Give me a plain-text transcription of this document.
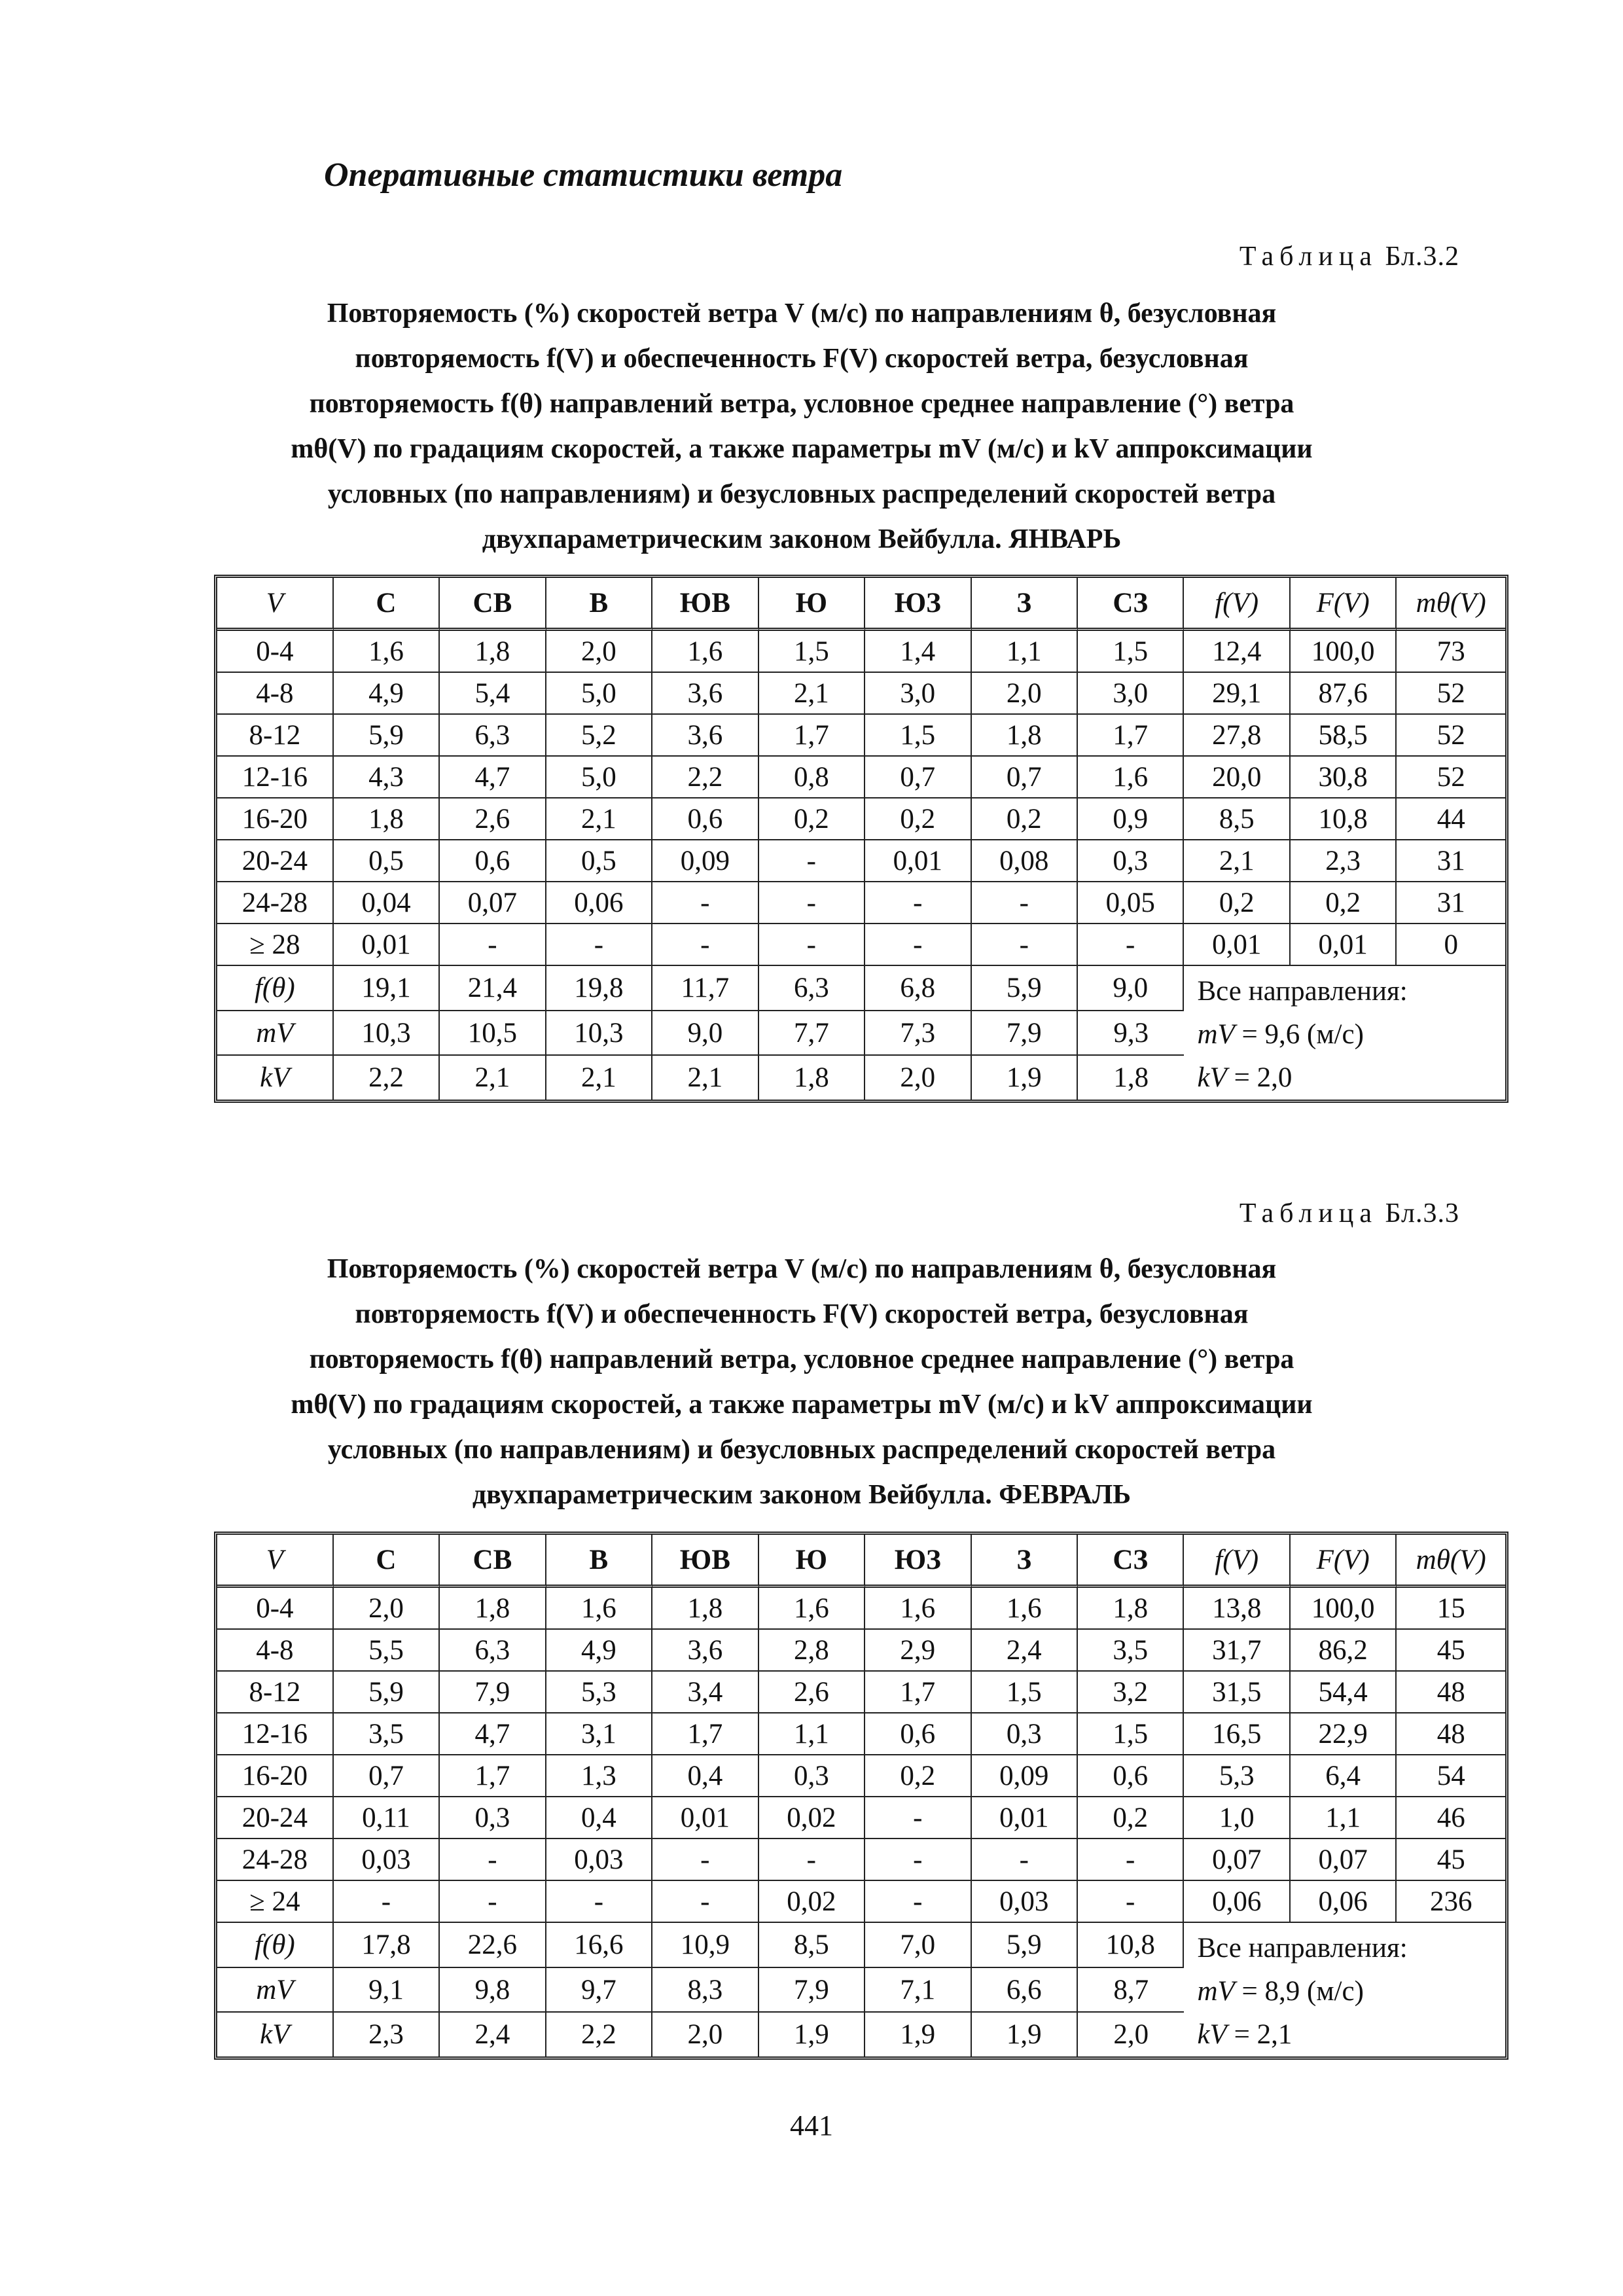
Оперативные статистики ветра
Таблица Бл.3.2
Повторяемость (%) скоростей ветра V (м/с) по направлениям θ, безусловная
повторяемость f(V) и обеспеченность F(V) скоростей ветра, безусловная
повторяемость f(θ) направлений ветра, условное среднее направление (°) ветра
mθ(V) по градациям скоростей, а также параметры mV (м/с) и kV аппроксимации
условных (по направлениям) и безусловных распределений скоростей ветра
двухпараметрическим законом Вейбулла. ЯНВАРЬ
V	С	СВ	В	ЮВ	Ю	ЮЗ	З	СЗ	f(V)	F(V)	mθ(V)
0-4	1,6	1,8	2,0	1,6	1,5	1,4	1,1	1,5	12,4	100,0	73
4-8	4,9	5,4	5,0	3,6	2,1	3,0	2,0	3,0	29,1	87,6	52
8-12	5,9	6,3	5,2	3,6	1,7	1,5	1,8	1,7	27,8	58,5	52
12-16	4,3	4,7	5,0	2,2	0,8	0,7	0,7	1,6	20,0	30,8	52
16-20	1,8	2,6	2,1	0,6	0,2	0,2	0,2	0,9	8,5	10,8	44
20-24	0,5	0,6	0,5	0,09	-	0,01	0,08	0,3	2,1	2,3	31
24-28	0,04	0,07	0,06	-	-	-	-	0,05	0,2	0,2	31
≥ 28	0,01	-	-	-	-	-	-	-	0,01	0,01	0
f(θ)	19,1	21,4	19,8	11,7	6,3	6,8	5,9	9,0	Все направления:
mV = 9,6 (м/с)
kV = 2,0		

mV	10,3	10,5	10,3	9,0	7,7	7,3	7,9	9,3			
kV	2,2	2,1	2,1	2,1	1,8	2,0	1,9	1,8			
Таблица Бл.3.3
Повторяемость (%) скоростей ветра V (м/с) по направлениям θ, безусловная
повторяемость f(V) и обеспеченность F(V) скоростей ветра, безусловная
повторяемость f(θ) направлений ветра, условное среднее направление (°) ветра
mθ(V) по градациям скоростей, а также параметры mV (м/с) и kV аппроксимации
условных (по направлениям) и безусловных распределений скоростей ветра
двухпараметрическим законом Вейбулла. ФЕВРАЛЬ
V	С	СВ	В	ЮВ	Ю	ЮЗ	З	СЗ	f(V)	F(V)	mθ(V)
0-4	2,0	1,8	1,6	1,8	1,6	1,6	1,6	1,8	13,8	100,0	15
4-8	5,5	6,3	4,9	3,6	2,8	2,9	2,4	3,5	31,7	86,2	45
8-12	5,9	7,9	5,3	3,4	2,6	1,7	1,5	3,2	31,5	54,4	48
12-16	3,5	4,7	3,1	1,7	1,1	0,6	0,3	1,5	16,5	22,9	48
16-20	0,7	1,7	1,3	0,4	0,3	0,2	0,09	0,6	5,3	6,4	54
20-24	0,11	0,3	0,4	0,01	0,02	-	0,01	0,2	1,0	1,1	46
24-28	0,03	-	0,03	-	-	-	-	-	0,07	0,07	45
≥ 24	-	-	-	-	0,02	-	0,03	-	0,06	0,06	236
f(θ)	17,8	22,6	16,6	10,9	8,5	7,0	5,9	10,8	Все направления:
mV = 8,9 (м/с)
kV = 2,1		

mV	9,1	9,8	9,7	8,3	7,9	7,1	6,6	8,7			
kV	2,3	2,4	2,2	2,0	1,9	1,9	1,9	2,0			
441
